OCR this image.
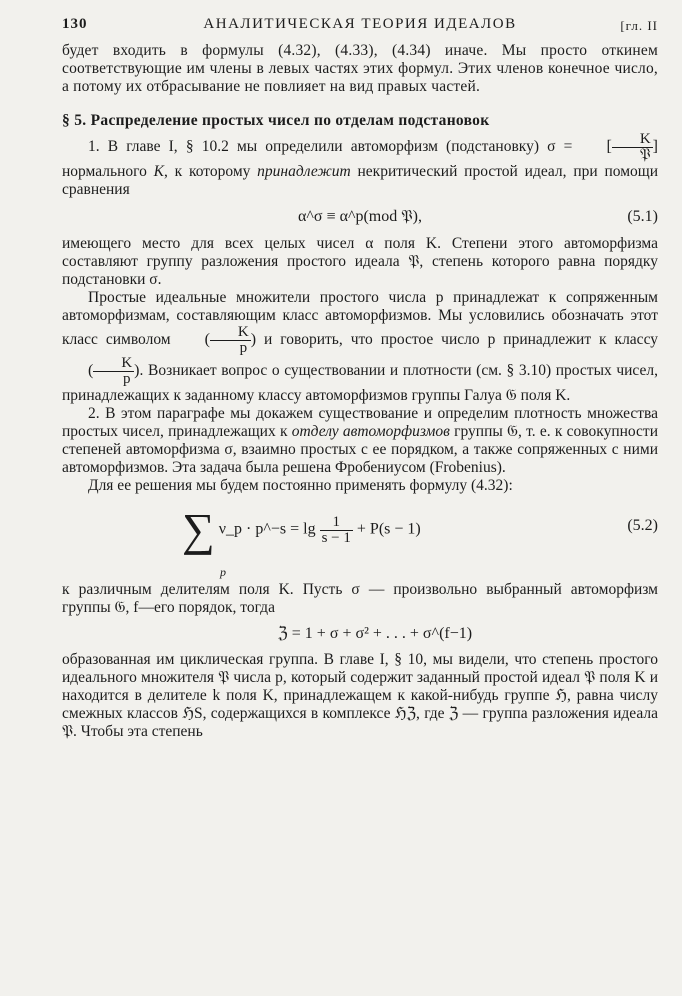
130	АНАЛИТИЧЕСКАЯ ТЕОРИЯ ИДЕАЛОВ	[гл. II

будет входить в формулы (4.32), (4.33), (4.34) иначе. Мы просто откинем соответствующие им члены в левых частях этих формул. Этих членов конечное число, а потому их отбрасывание не повлияет на вид правых частей.

§ 5. Распределение простых чисел по отделам подстановок

1. В главе I, § 10.2 мы определили автоморфизм (подстановку) σ = [ $\frac{K}{\text{𝔓}}$ ] нормального K, к которому принадлежит некритический простой идеал, при помощи сравнения

α^σ ≡ α^p(mod 𝔓),	(5.1)

имеющего место для всех целых чисел α поля K. Степени этого автоморфизма составляют группу разложения простого идеала 𝔓, степень которого равна порядку подстановки σ.

Простые идеальные множители простого числа p принадлежат к сопряженным автоморфизмам, составляющим класс автоморфизмов. Мы условились обозначать этот класс символом ( $\frac{K}{p}$ ) и говорить, что простое число p принадлежит к классу ( $\frac{K}{p}$ ). Возникает вопрос о существовании и плотности (см. § 3.10) простых чисел, принадлежащих к заданному классу автоморфизмов группы Галуа 𝔊 поля K.

2. В этом параграфе мы докажем существование и определим плотность множества простых чисел, принадлежащих к отделу автоморфизмов группы 𝔊, т. е. к совокупности степеней автоморфизма σ, взаимно простых с ее порядком, а также сопряженных с ними автоморфизмов. Эта задача была решена Фробениусом (Frobenius).

Для ее решения мы будем постоянно применять формулу (4.32):

∑ ν_p · p^−s = $\lg \frac{1}{s - 1} + P(s - 1)$
p
(5.2)

к различным делителям поля K. Пусть σ — произвольно выбранный автоморфизм группы 𝔊, f—его порядок, тогда

ℨ = 1 + σ + σ² + . . . + σ^(f−1)

образованная им циклическая группа. В главе I, § 10, мы видели, что степень простого идеального множителя 𝔓 числа p, который содержит заданный простой идеал 𝔓 поля K и находится в делителе k поля K, принадлежащем к какой-нибудь группе ℌ, равна числу смежных классов ℌS, содержащихся в комплексе ℌℨ, где ℨ — группа разложения идеала 𝔓. Чтобы эта степень
